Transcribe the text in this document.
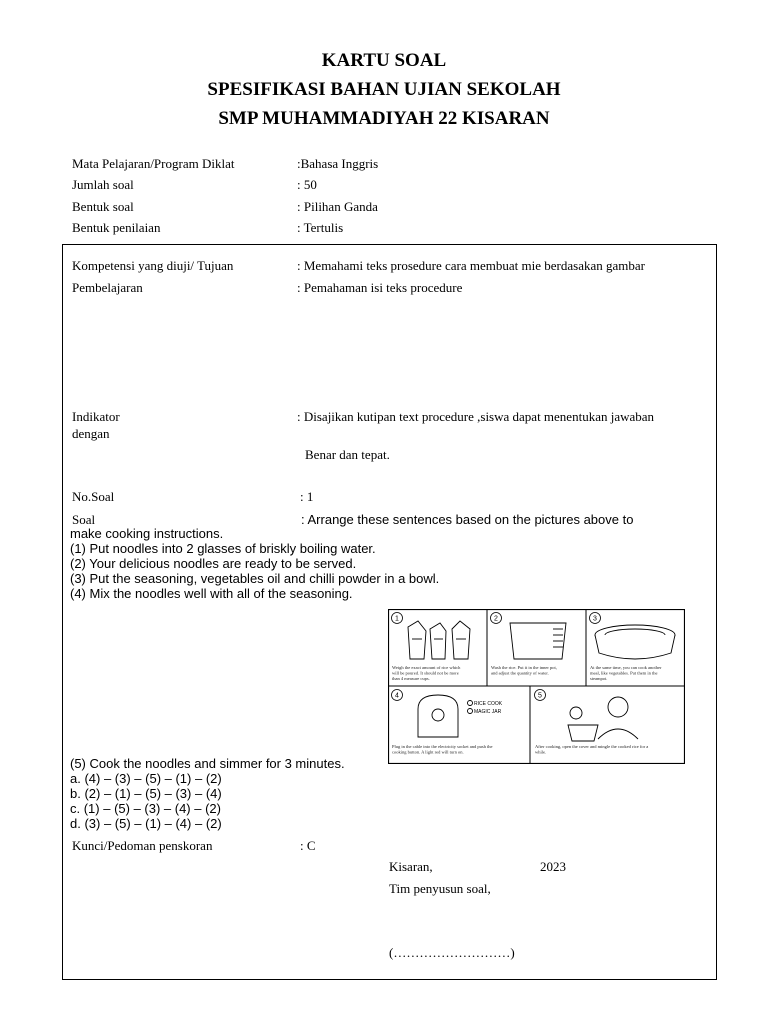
KARTU SOAL
SPESIFIKASI BAHAN UJIAN SEKOLAH
SMP MUHAMMADIYAH 22 KISARAN
Mata Pelajaran/Program Diklat	:Bahasa Inggris
Jumlah soal	: 50
Bentuk soal	: Pilihan Ganda
Bentuk penilaian	: Tertulis
Kompetensi yang diuji/ Tujuan	: Memahami teks prosedure cara membuat mie berdasakan gambar
Pembelajaran	: Pemahaman isi teks procedure
Indikator	: Disajikan kutipan text procedure ,siswa dapat menentukan jawaban
dengan
Benar dan tepat.
No.Soal	: 1
Soal	: Arrange these sentences based on the pictures above to
make cooking instructions.
(1) Put noodles into 2 glasses of briskly boiling water.
(2) Your delicious noodles are ready to be served.
(3) Put the seasoning, vegetables oil and chilli powder in a bowl.
(4) Mix the noodles well with all of the seasoning.
1
Weigh the exact amount of rice which will be poured. It should not be more than 4 measure cups.
2
Wash the rice. Put it in the inner pot, and adjust the quantity of water.
3
At the same time, you can cook another meal, like vegetables. Put them in the steampot.
4
RICE COOK
MAGIC JAR
Plug in the cable into the electricity socket and push the cooking button. A light red will turn on.
5
After cooking, open the cover and mingle the cooked rice for a while.
(5) Cook the noodles and simmer for 3 minutes.
a. (4) – (3) – (5) – (1) – (2)
b. (2) – (1) – (5) – (3) – (4)
c. (1) – (5) – (3) – (4) – (2)
d. (3) – (5) – (1) – (4) – (2)
Kunci/Pedoman penskoran	: C
Kisaran,	2023
Tim penyusun soal,
(………………………)
